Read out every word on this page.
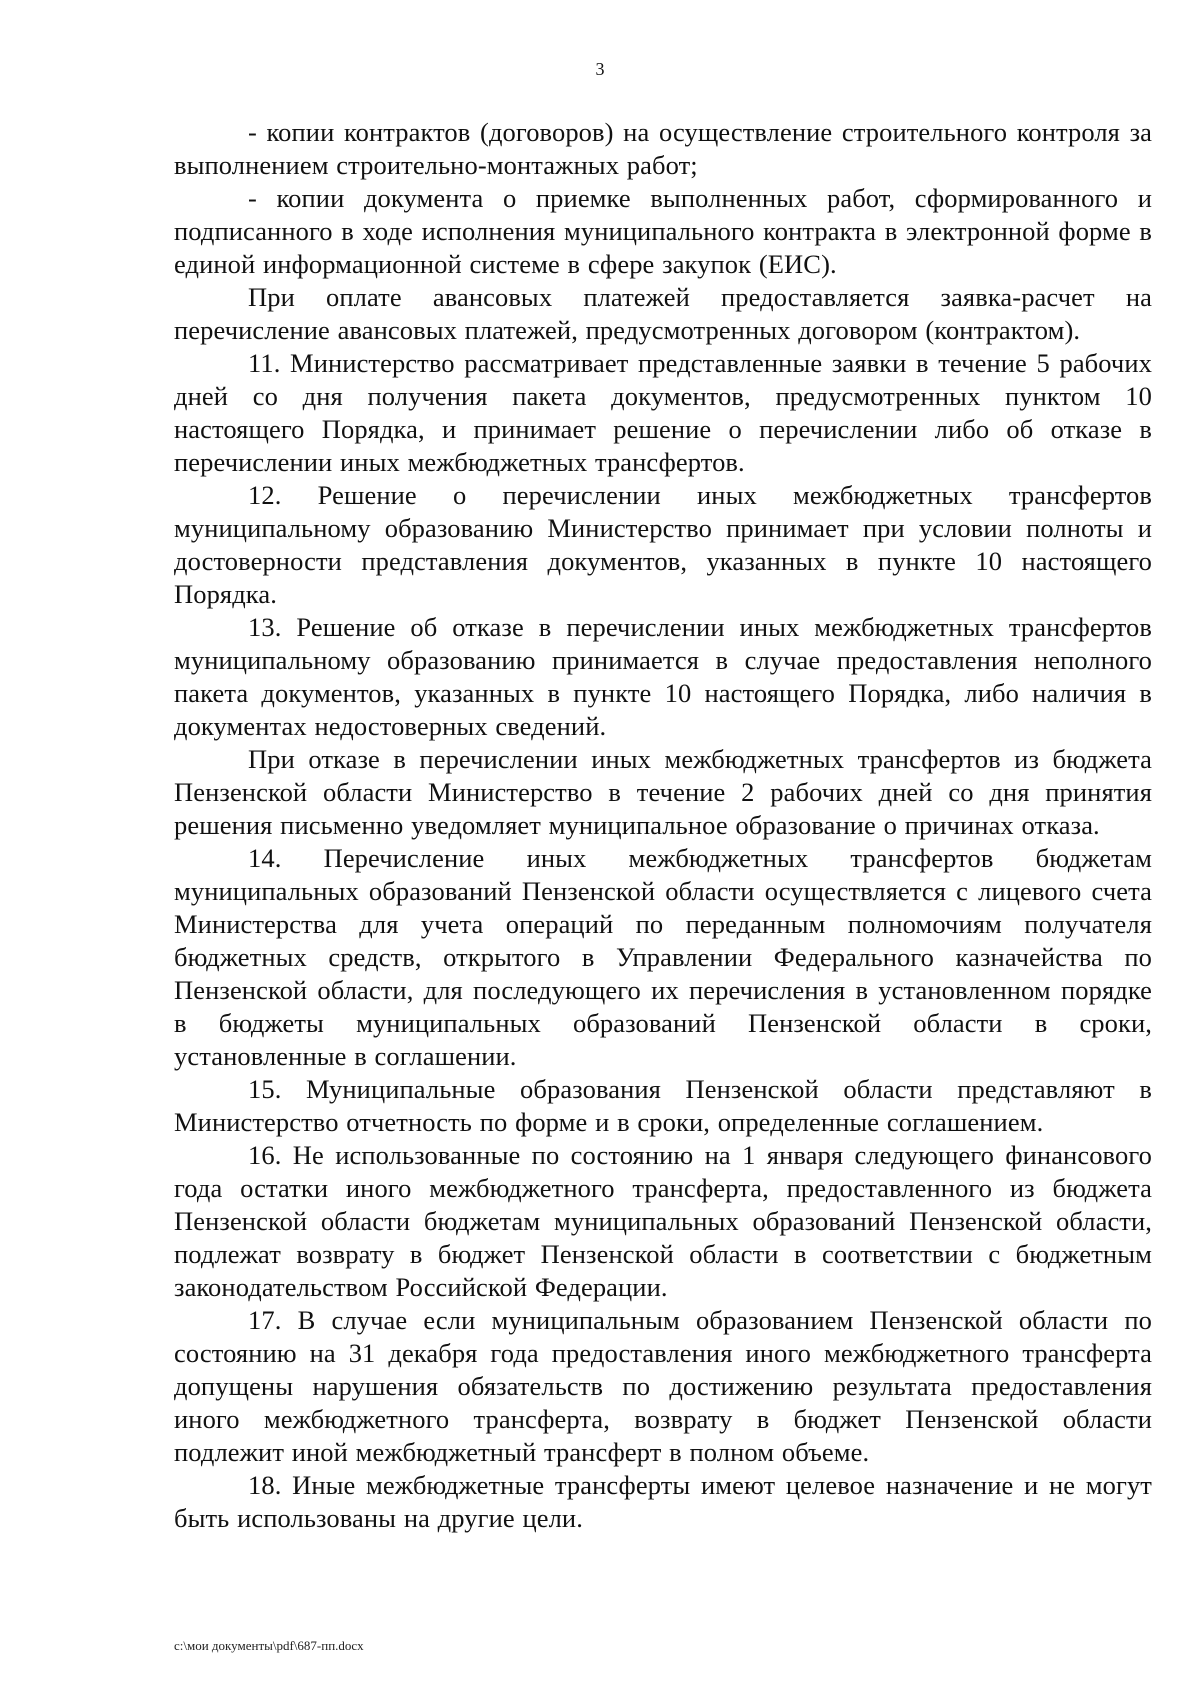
3

- копии контрактов (договоров) на осуществление строительного контроля за выполнением строительно-монтажных работ;

- копии документа о приемке выполненных работ, сформированного и подписанного в ходе исполнения муниципального контракта в электронной форме в единой информационной системе в сфере закупок (ЕИС).

При оплате авансовых платежей предоставляется заявка-расчет на перечисление авансовых платежей, предусмотренных договором (контрактом).

11. Министерство рассматривает представленные заявки в течение 5 рабочих дней со дня получения пакета документов, предусмотренных пунктом 10 настоящего Порядка, и принимает решение о перечислении либо об отказе в перечислении иных межбюджетных трансфертов.

12. Решение о перечислении иных межбюджетных трансфертов муниципальному образованию Министерство принимает при условии полноты и достоверности представления документов, указанных в пункте 10 настоящего Порядка.

13. Решение об отказе в перечислении иных межбюджетных трансфертов муниципальному образованию принимается в случае предоставления неполного пакета документов, указанных в пункте 10 настоящего Порядка, либо наличия в документах недостоверных сведений.

При отказе в перечислении иных межбюджетных трансфертов из бюджета Пензенской области Министерство в течение 2 рабочих дней со дня принятия решения письменно уведомляет муниципальное образование о причинах отказа.

14. Перечисление иных межбюджетных трансфертов бюджетам муниципальных образований Пензенской области осуществляется с лицевого счета Министерства для учета операций по переданным полномочиям получателя бюджетных средств, открытого в Управлении Федерального казначейства по Пензенской области, для последующего их перечисления в установленном порядке в бюджеты муниципальных образований Пензенской области в сроки, установленные в соглашении.

15. Муниципальные образования Пензенской области представляют в Министерство отчетность по форме и в сроки, определенные соглашением.

16. Не использованные по состоянию на 1 января следующего финансового года остатки иного межбюджетного трансферта, предоставленного из бюджета Пензенской области бюджетам муниципальных образований Пензенской области, подлежат возврату в бюджет Пензенской области в соответствии с бюджетным законодательством Российской Федерации.

17. В случае если муниципальным образованием Пензенской области по состоянию на 31 декабря года предоставления иного межбюджетного трансферта допущены нарушения обязательств по достижению результата предоставления иного межбюджетного трансферта, возврату в бюджет Пензенской области подлежит иной межбюджетный трансферт в полном объеме.

18. Иные межбюджетные трансферты имеют целевое назначение и не могут быть использованы на другие цели.

c:\мои документы\pdf\687-пп.docx
